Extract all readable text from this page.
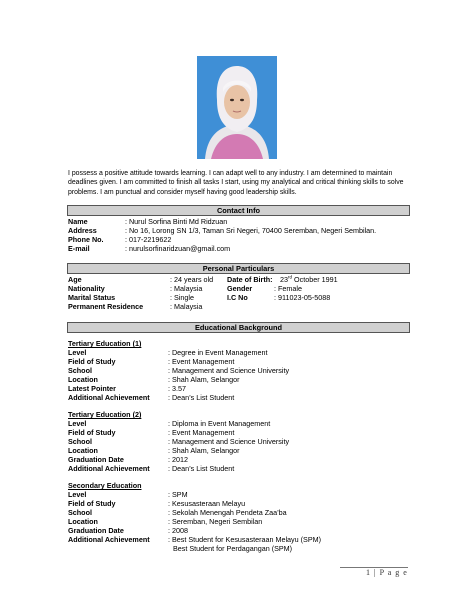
I possess a positive attitude towards learning. I can adapt well to any industry. I am determined to maintain deadlines given. I am committed to finish all tasks I start, using my analytical and critical thinking skills to solve problems. I am punctual and consider myself having good leadership skills.
Contact Info
Name	: Nurul Sorfina Binti Md Ridzuan
Address	: No 16, Lorong SN 1/3, Taman Sri Negeri, 70400 Seremban, Negeri Sembilan.
Phone No.	: 017-2219622
E-mail	: nurulsorfinaridzuan@gmail.com
Personal Particulars
Age	: 24 years old Date of Birth: 23rd October 1991
Nationality	: Malaysia	Gender	: Female
Marital Status	: Single	I.C No	: 911023-05-5088
Permanent Residence	: Malaysia
Educational Background
Tertiary Education (1)
Level	: Degree in Event Management
Field of Study	: Event Management
School	: Management and Science University
Location	: Shah Alam, Selangor
Latest Pointer	: 3.57
Additional Achievement	: Dean’s List Student
Tertiary Education (2)
Level	: Diploma in Event Management
Field of Study	: Event Management
School	: Management and Science University
Location	: Shah Alam, Selangor
Graduation Date	: 2012
Additional Achievement	: Dean’s List Student
Secondary Education
Level	: SPM
Field of Study	: Kesusasteraan Melayu
School	: Sekolah Menengah Pendeta Zaa’ba
Location	: Seremban, Negeri Sembilan
Graduation Date	: 2008
Additional Achievement	: Best Student for Kesusasteraan Melayu (SPM)
Best Student for Perdagangan (SPM)
1 | P a g e
